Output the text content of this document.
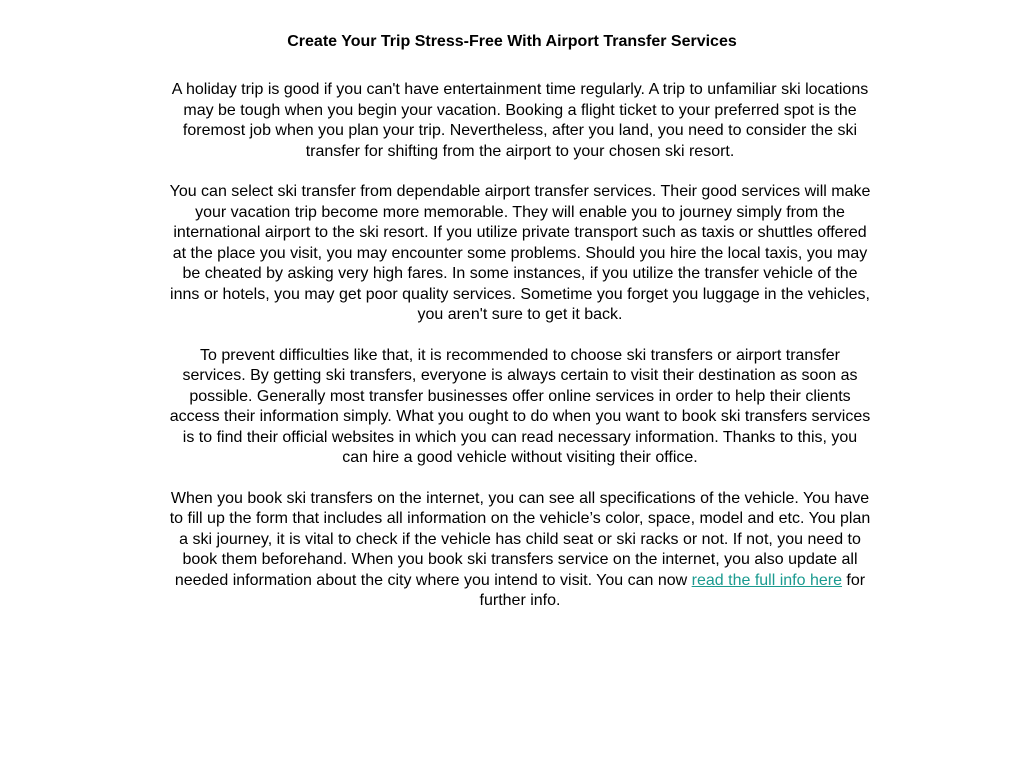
Create Your Trip Stress-Free With Airport Transfer Services

A holiday trip is good if you can't have entertainment time regularly. A trip to unfamiliar ski locations may be tough when you begin your vacation. Booking a flight ticket to your preferred spot is the foremost job when you plan your trip. Nevertheless, after you land, you need to consider the ski transfer for shifting from the airport to your chosen ski resort.

You can select ski transfer from dependable airport transfer services. Their good services will make your vacation trip become more memorable. They will enable you to journey simply from the international airport to the ski resort. If you utilize private transport such as taxis or shuttles offered at the place you visit, you may encounter some problems. Should you hire the local taxis, you may be cheated by asking very high fares. In some instances, if you utilize the transfer vehicle of the inns or hotels, you may get poor quality services. Sometime you forget you luggage in the vehicles, you aren't sure to get it back.

To prevent difficulties like that, it is recommended to choose ski transfers or airport transfer services. By getting ski transfers, everyone is always certain to visit their destination as soon as possible. Generally most transfer businesses offer online services in order to help their clients access their information simply. What you ought to do when you want to book ski transfers services is to find their official websites in which you can read necessary information. Thanks to this, you can hire a good vehicle without visiting their office.

When you book ski transfers on the internet, you can see all specifications of the vehicle. You have to fill up the form that includes all information on the vehicle’s color, space, model and etc. You plan a ski journey, it is vital to check if the vehicle has child seat or ski racks or not. If not, you need to book them beforehand. When you book ski transfers service on the internet, you also update all needed information about the city where you intend to visit. You can now read the full info here for further info.
